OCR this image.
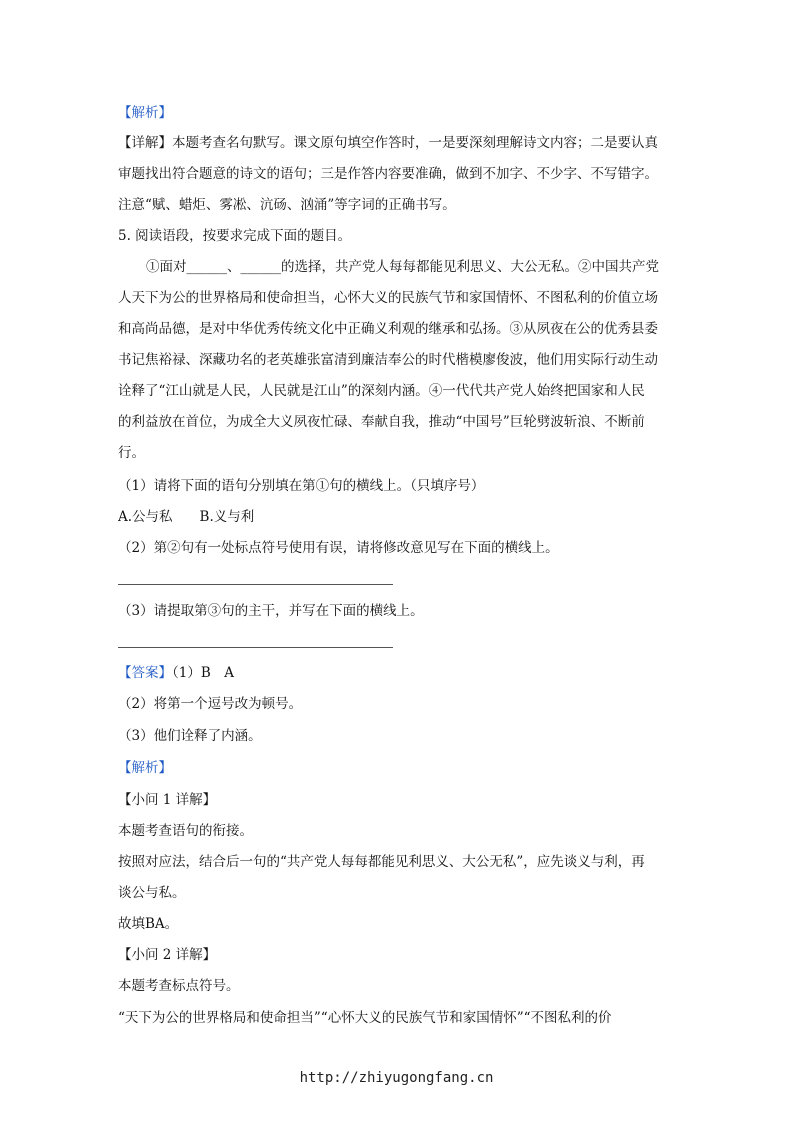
【解析】
【详解】本题考查名句默写。课文原句填空作答时，一是要深刻理解诗文内容；二是要认真
审题找出符合题意的诗文的语句；三是作答内容要准确，做到不加字、不少字、不写错字。
注意“赋、蜡炬、雾凇、沆砀、汹涌”等字词的正确书写。
5. 阅读语段，按要求完成下面的题目。
①面对______、______的选择，共产党人每每都能见利思义、大公无私。②中国共产党
人天下为公的世界格局和使命担当，心怀大义的民族气节和家国情怀、不图私利的价值立场
和高尚品德，是对中华优秀传统文化中正确义利观的继承和弘扬。③从夙夜在公的优秀县委
书记焦裕禄、深藏功名的老英雄张富清到廉洁奉公的时代楷模廖俊波，他们用实际行动生动
诠释了“江山就是人民，人民就是江山”的深刻内涵。④一代代共产党人始终把国家和人民
的利益放在首位，为成全大义夙夜忙碌、奉献自我，推动“中国号”巨轮劈波斩浪、不断前
行。
（1）请将下面的语句分别填在第①句的横线上。（只填序号）
A.公与私　　B.义与利
（2）第②句有一处标点符号使用有误，请将修改意见写在下面的横线上。
（3）请提取第③句的主干，并写在下面的横线上。
【答案】（1）B　A
（2）将第一个逗号改为顿号。
（3）他们诠释了内涵。
【解析】
【小问 1 详解】
本题考查语句的衔接。
按照对应法，结合后一句的“共产党人每每都能见利思义、大公无私”，应先谈义与利，再
谈公与私。
故填BA。
【小问 2 详解】
本题考查标点符号。
“天下为公的世界格局和使命担当”“心怀大义的民族气节和家国情怀”“不图私利的价
http://zhiyugongfang.cn
